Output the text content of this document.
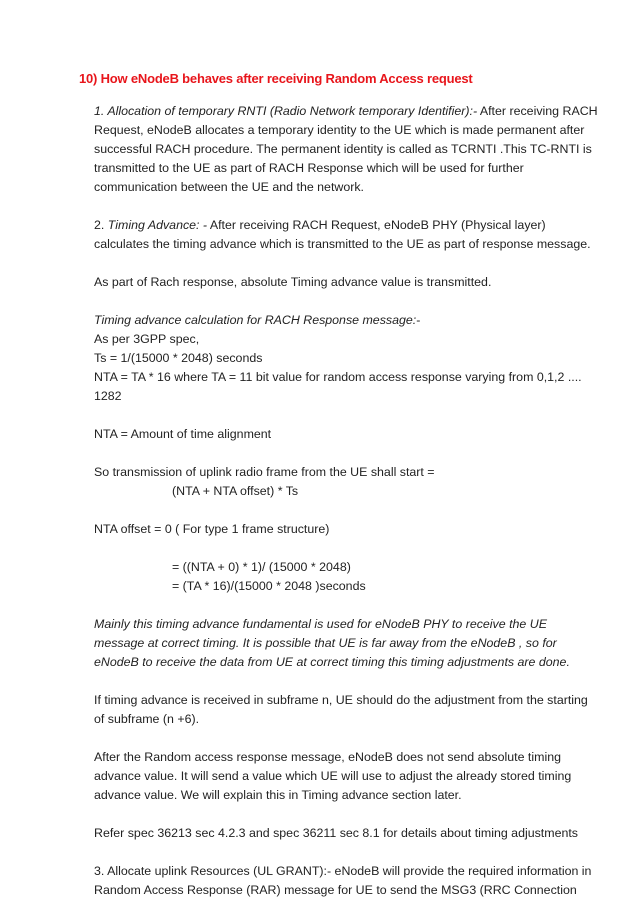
10) How eNodeB behaves after receiving Random Access request

1. Allocation of temporary RNTI (Radio Network temporary Identifier):- After receiving RACH
Request, eNodeB allocates a temporary identity to the UE which is made permanent after
successful RACH procedure. The permanent identity is called as TCRNTI .This TC-RNTI is
transmitted to the UE as part of RACH Response which will be used for further
communication between the UE and the network.

2. Timing Advance: - After receiving RACH Request, eNodeB PHY (Physical layer)
calculates the timing advance which is transmitted to the UE as part of response message.

As part of Rach response, absolute Timing advance value is transmitted.

Timing advance calculation for RACH Response message:-
As per 3GPP spec,
Ts = 1/(15000 * 2048) seconds
NTA = TA * 16 where TA = 11 bit value for random access response varying from 0,1,2 ....
1282

NTA = Amount of time alignment

So transmission of uplink radio frame from the UE shall start =
(NTA + NTA offset) * Ts

NTA offset = 0 ( For type 1 frame structure)

= ((NTA + 0) * 1)/ (15000 * 2048)
= (TA * 16)/(15000 * 2048 )seconds

Mainly this timing advance fundamental is used for eNodeB PHY to receive the UE
message at correct timing. It is possible that UE is far away from the eNodeB , so for
eNodeB to receive the data from UE at correct timing this timing adjustments are done.

If timing advance is received in subframe n, UE should do the adjustment from the starting
of subframe (n +6).

After the Random access response message, eNodeB does not send absolute timing
advance value. It will send a value which UE will use to adjust the already stored timing
advance value. We will explain this in Timing advance section later.

Refer spec 36213 sec 4.2.3 and spec 36211 sec 8.1 for details about timing adjustments

3. Allocate uplink Resources (UL GRANT):- eNodeB will provide the required information in
Random Access Response (RAR) message for UE to send the MSG3 (RRC Connection
